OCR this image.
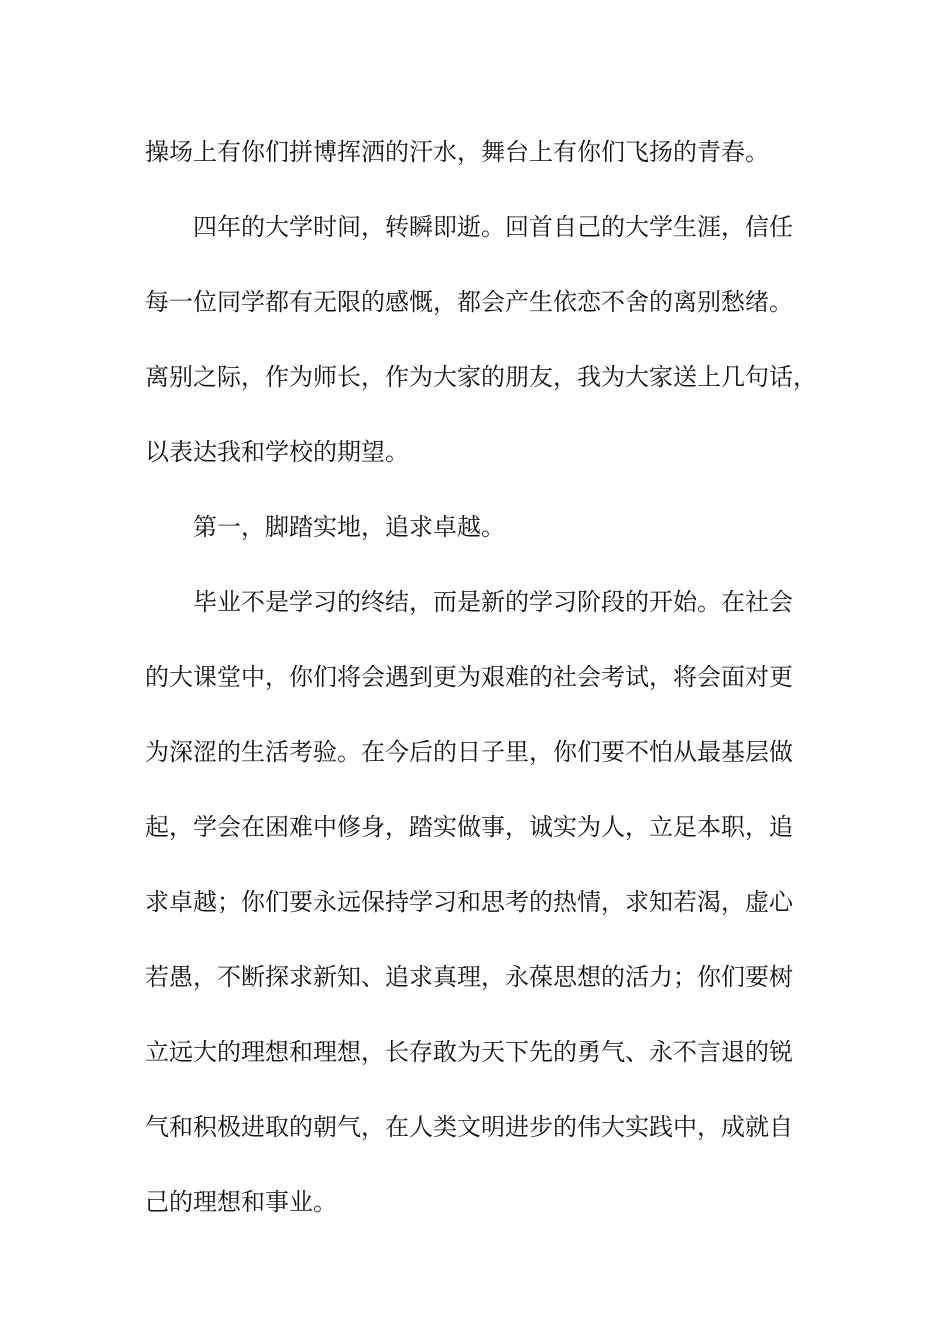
操场上有你们拼博挥洒的汗水，舞台上有你们飞扬的青春。
四年的大学时间，转瞬即逝。回首自己的大学生涯，信任
每一位同学都有无限的感慨，都会产生依恋不舍的离别愁绪。
离别之际，作为师长，作为大家的朋友，我为大家送上几句话，
以表达我和学校的期望。
第一，脚踏实地，追求卓越。
毕业不是学习的终结，而是新的学习阶段的开始。在社会
的大课堂中，你们将会遇到更为艰难的社会考试，将会面对更
为深涩的生活考验。在今后的日子里，你们要不怕从最基层做
起，学会在困难中修身，踏实做事，诚实为人，立足本职，追
求卓越；你们要永远保持学习和思考的热情，求知若渴，虚心
若愚，不断探求新知、追求真理，永葆思想的活力；你们要树
立远大的理想和理想，长存敢为天下先的勇气、永不言退的锐
气和积极进取的朝气，在人类文明进步的伟大实践中，成就自
己的理想和事业。
